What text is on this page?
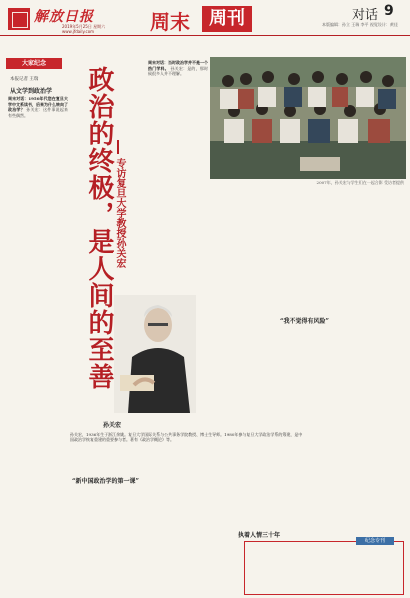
解放日报
2019年5月25日 星期六
www.jfdaily.com	周末	周刊	对话 9
本版编辑：孙立 王瑞 李平 视觉设计：黄佳
大家纪念
本报记者 王瑞
从文学到政治学
周末对话：1950年代您在复旦大学中文系读书，后来为什么转向了政治学？ 孙关宏：这件事说起来有些偶然。	政治的终极，是人间的至善 专访复旦大学教授孙关宏
周末对话：当时政治学并不是一个热门学科。 孙关宏：是的，那时候很多人并不理解。
2007年，孙关宏与学生们在一起合影 受访者提供
“我不觉得有风险”
孙关宏
孙关宏，1936年生于浙江余姚。复旦大学国际关系与公共事务学院教授、博士生导师。1980年参与复旦大学政治学系的筹建，是中国政治学恢复重建的重要参与者。著有《政治学概论》等。
“新中国政治学的第一课”
执着人情三十年
纪念专刊
